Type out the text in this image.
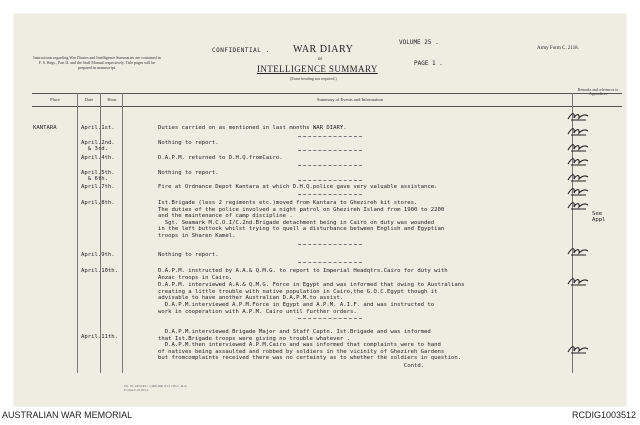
Instructions regarding War Diaries and Intelligence Summaries are contained in F. S. Regs., Part II. and the Staff Manual respectively. Title pages will be prepared in manuscript.
CONFIDENTIAL . WAR DIARY
VOLUME 25 .
Army Form C. 2118.
or
INTELLIGENCE SUMMARY
PAGE 1 .
(Erase heading not required.)
Place	Date	Hour	Summary of Events and Information
Remarks and references to Appendices
KANTARA	April.1st.	Duties carried on as mentioned in last months WAR DIARY.
April.2nd.
& 3rd.
Nothing to report.
April.4th.	D.A.P.M. returned to D.H.Q.fromCairo.
April.5th.
& 6th.
Nothing to report.
April.7th.	Fire at Ordnance Depot Kantara at which D.H.Q.police gave very valuable assistance.
April.8th.	Ist.Brigade (less 2 regiments etc.)moved from Kantara to Ghezireh kit stores.
The duties of the police involved a night patrol on Ghezireh Island from 1900 to 2200
and the maintenance of camp discipline .
Sgt. Seamark M.C.O.I/C.2nd.Brigade detachment being in Cairo on duty was wounded
in the left buttock whilst trying to quell a disturbance between English and Egyptian
troops in Sharen Kamel.
April.9th.	Nothing to report.
April.10th.	D.A.P.M. instructed by A.A.& Q.M.G. to report to Imperial Headqtrs.Cairo for duty with
Anzac troops in Cairo.
D.A.P.M. interviewed A.A.& Q.M.G. Force in Egypt and was informed that owing to Australians
creating a little trouble with native population in Cairo,the G.O.C.Egypt though it
advisable to have another Australian D.A.P.M.to assist.
D.A.P.M.interviewed A.P.M.Force in Egypt and A.P.M. A.I.F. and was instructed to
work in cooperation with A.P.M. Cairo until further orders.
April.11th.
D.A.P.M.interviewed Brigade Major and Staff Captn. Ist.Brigade and was informed
that Ist.Brigade troops were giving no trouble whatever .
D.A.P.M.then interviewed A.P.M.Cairo and was informed that complaints were to hand
of natives being assaulted and robbed by soldiers in the vicinity of Ghezireh Gardens
but fromcomplaints received there was no certainty as to whether the soldiers in question.
Contd.
See
Appl
Wt. W. 2452/P.C. 1,000,000 8/15 J.B.C. & A. Forms/C.2118/11.
AUSTRALIAN WAR MEMORIAL	RCDIG1003512
